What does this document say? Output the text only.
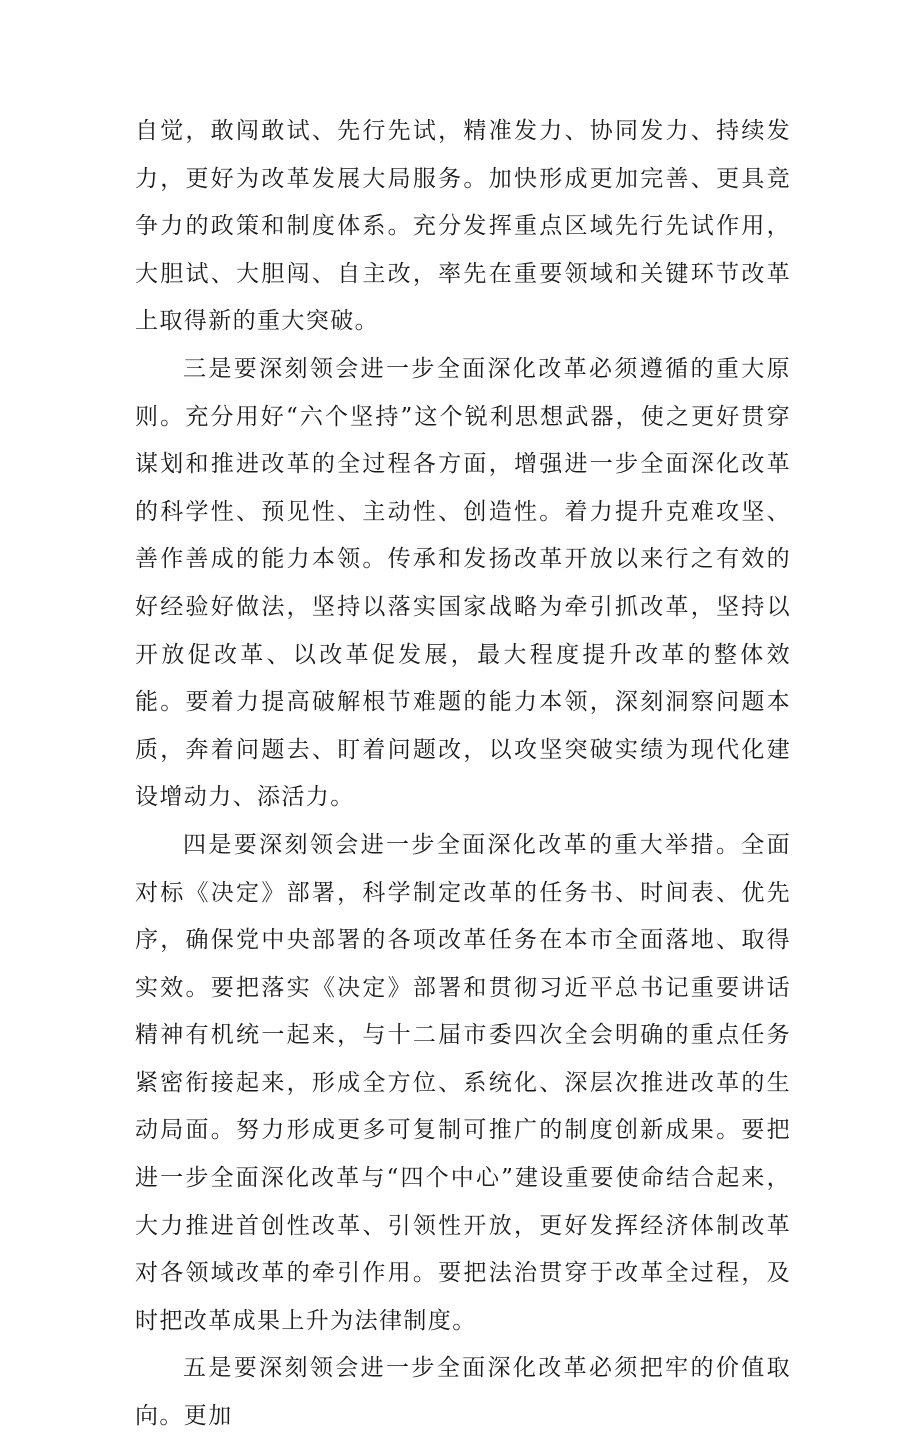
自觉，敢闯敢试、先行先试，精准发力、协同发力、持续发力，更好为改革发展大局服务。加快形成更加完善、更具竞争力的政策和制度体系。充分发挥重点区域先行先试作用，大胆试、大胆闯、自主改，率先在重要领域和关键环节改革上取得新的重大突破。

三是要深刻领会进一步全面深化改革必须遵循的重大原则。充分用好“六个坚持”这个锐利思想武器，使之更好贯穿谋划和推进改革的全过程各方面，增强进一步全面深化改革的科学性、预见性、主动性、创造性。着力提升克难攻坚、善作善成的能力本领。传承和发扬改革开放以来行之有效的好经验好做法，坚持以落实国家战略为牵引抓改革，坚持以开放促改革、以改革促发展，最大程度提升改革的整体效能。要着力提高破解根节难题的能力本领，深刻洞察问题本质，奔着问题去、盯着问题改，以攻坚突破实绩为现代化建设增动力、添活力。

四是要深刻领会进一步全面深化改革的重大举措。全面对标《决定》部署，科学制定改革的任务书、时间表、优先序，确保党中央部署的各项改革任务在本市全面落地、取得实效。要把落实《决定》部署和贯彻习近平总书记重要讲话精神有机统一起来，与十二届市委四次全会明确的重点任务紧密衔接起来，形成全方位、系统化、深层次推进改革的生动局面。努力形成更多可复制可推广的制度创新成果。要把进一步全面深化改革与“四个中心”建设重要使命结合起来，大力推进首创性改革、引领性开放，更好发挥经济体制改革对各领域改革的牵引作用。要把法治贯穿于改革全过程，及时把改革成果上升为法律制度。

五是要深刻领会进一步全面深化改革必须把牢的价值取向。更加
